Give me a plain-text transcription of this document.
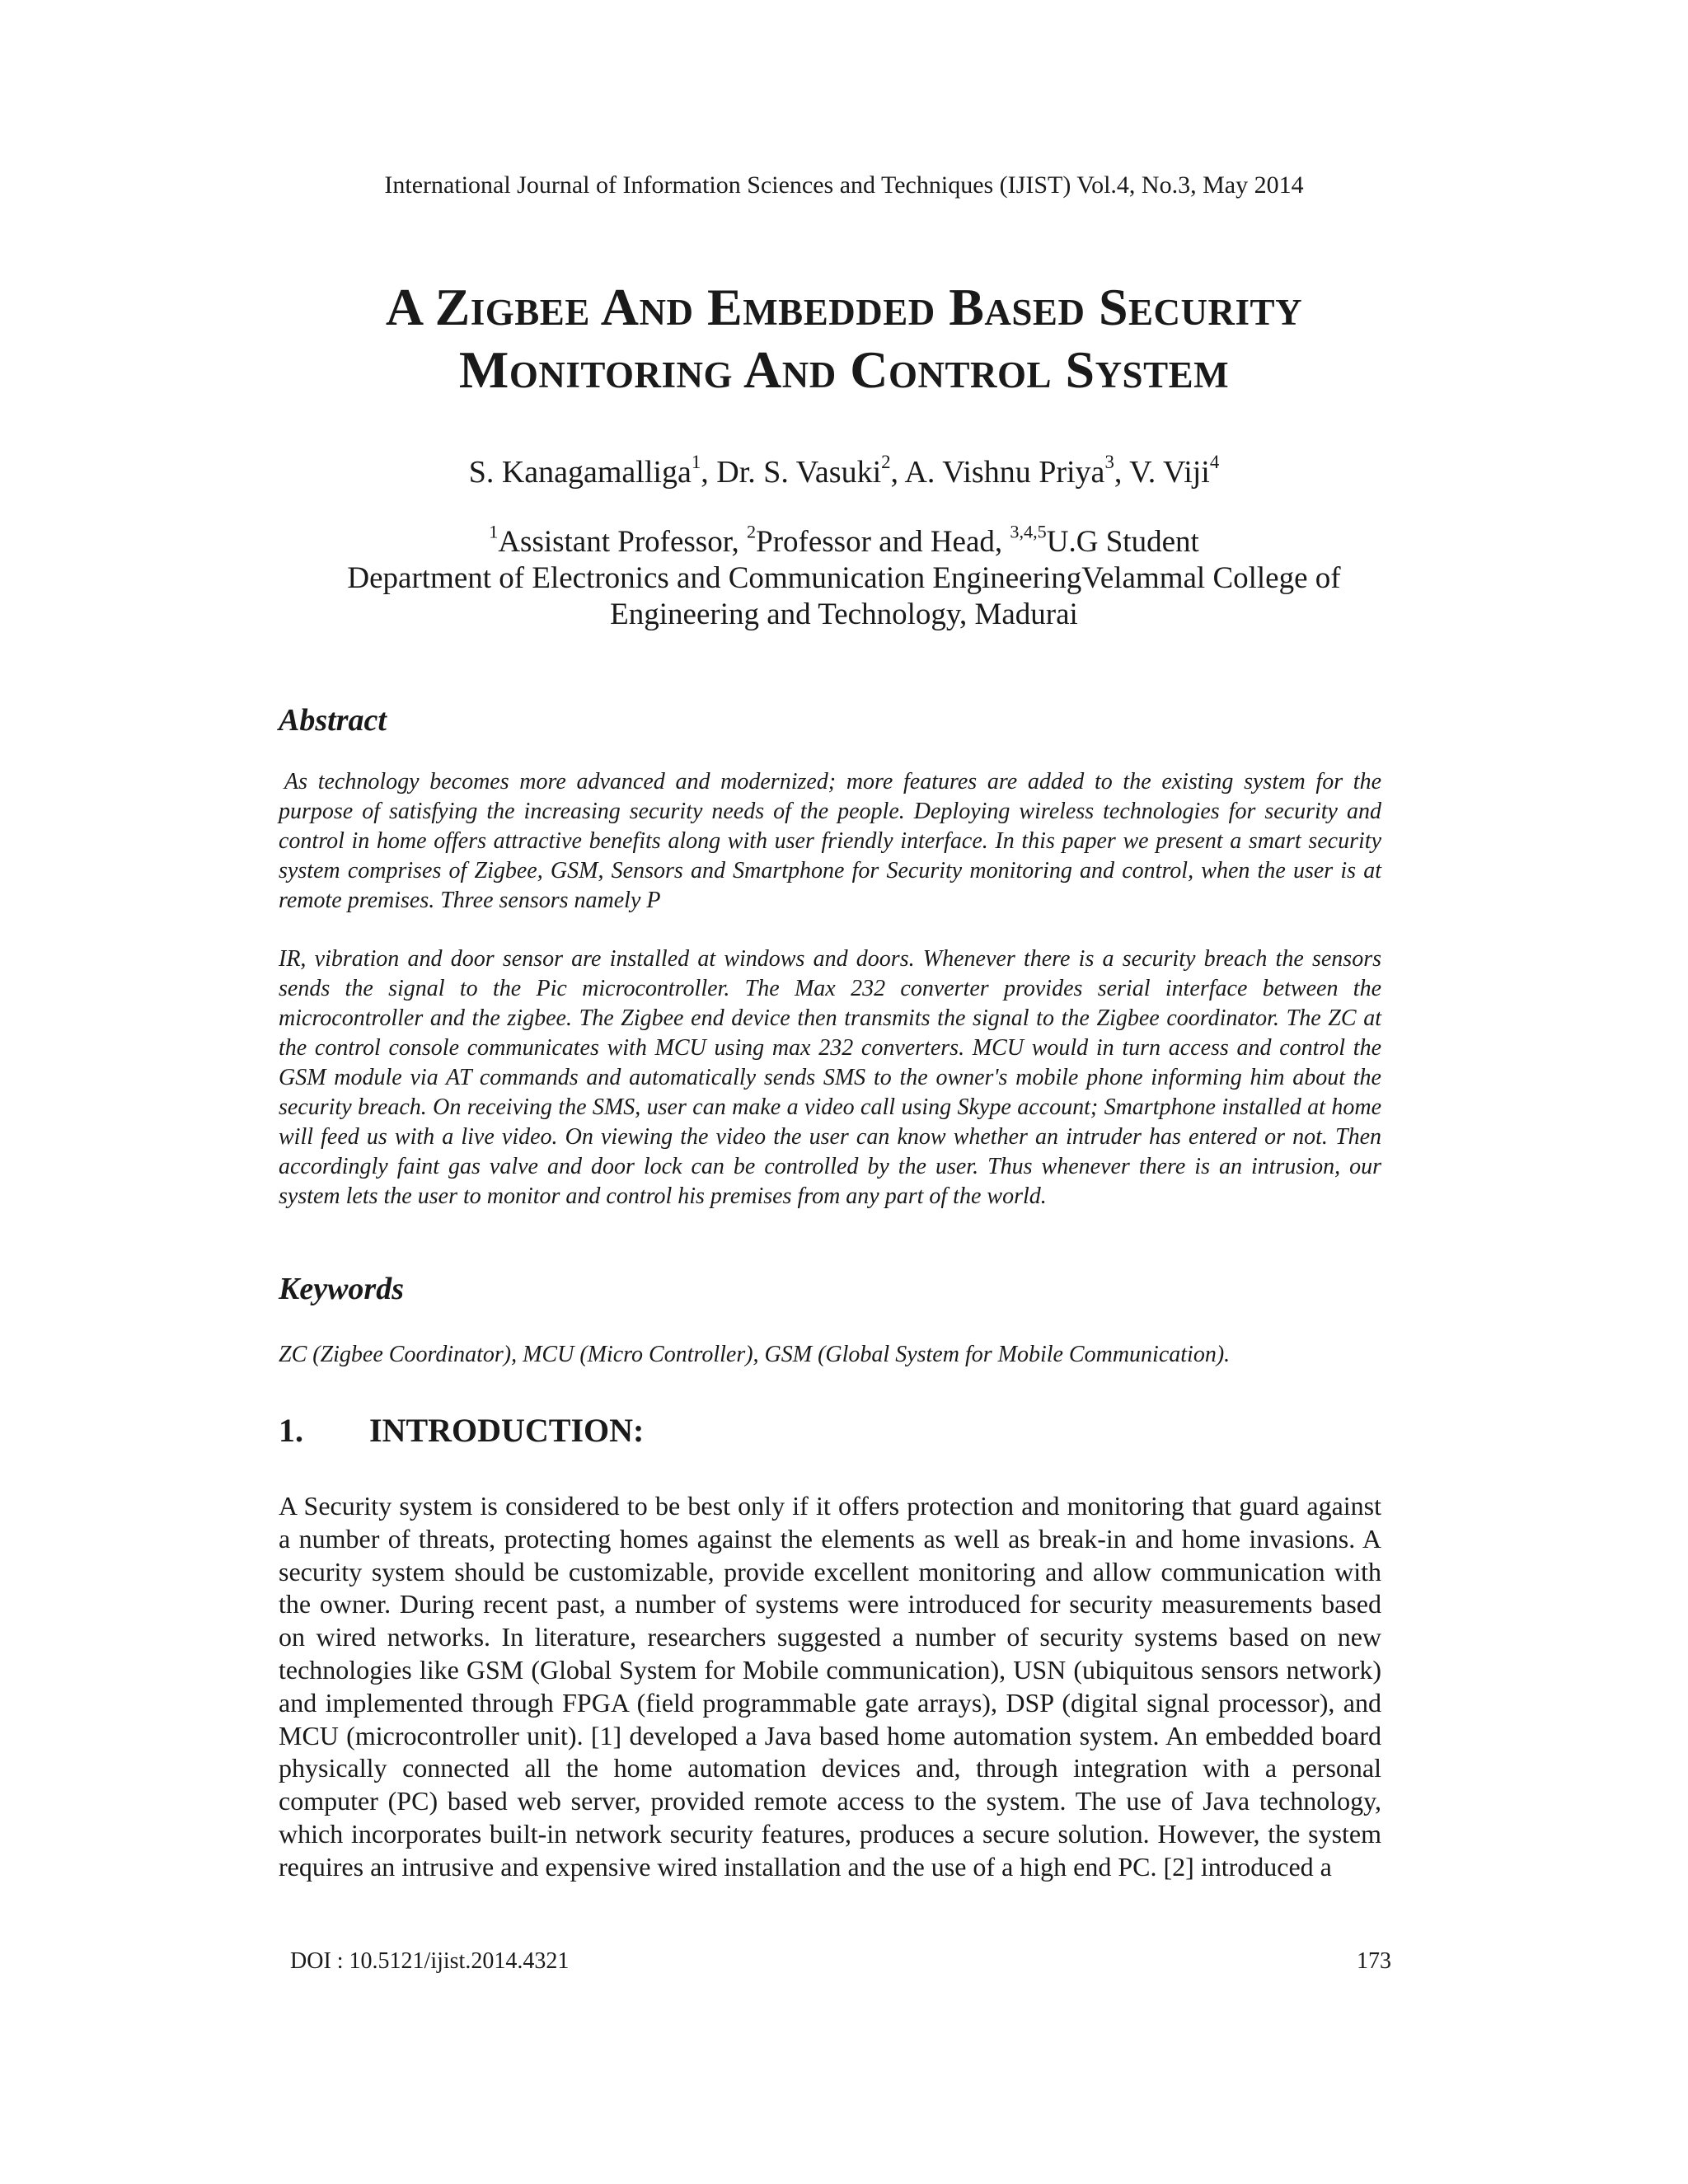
International Journal of Information Sciences and Techniques (IJIST) Vol.4, No.3, May 2014
A Zigbee And Embedded Based Security
Monitoring And Control System
S. Kanagamalliga$^1$, Dr. S. Vasuki$^2$, A. Vishnu Priya$^3$, V. Viji$^4$
$^1$Assistant Professor, $^2$Professor and Head, $^{3,4,5}$U.G Student
Department of Electronics and Communication EngineeringVelammal College of Engineering and Technology, Madurai
Abstract

As technology becomes more advanced and modernized; more features are added to the existing system for the purpose of satisfying the increasing security needs of the people. Deploying wireless technologies for security and control in home offers attractive benefits along with user friendly interface. In this paper we present a smart security system comprises of Zigbee, GSM, Sensors and Smartphone for Security monitoring and control, when the user is at remote premises. Three sensors namely P

IR, vibration and door sensor are installed at windows and doors. Whenever there is a security breach the sensors sends the signal to the Pic microcontroller. The Max 232 converter provides serial interface between the microcontroller and the zigbee. The Zigbee end device then transmits the signal to the Zigbee coordinator. The ZC at the control console communicates with MCU using max 232 converters. MCU would in turn access and control the GSM module via AT commands and automatically sends SMS to the owner's mobile phone informing him about the security breach. On receiving the SMS, user can make a video call using Skype account; Smartphone installed at home will feed us with a live video. On viewing the video the user can know whether an intruder has entered or not. Then accordingly faint gas valve and door lock can be controlled by the user. Thus whenever there is an intrusion, our system lets the user to monitor and control his premises from any part of the world.

Keywords

ZC (Zigbee Coordinator), MCU (Micro Controller), GSM (Global System for Mobile Communication).

1. INTRODUCTION:

A Security system is considered to be best only if it offers protection and monitoring that guard against a number of threats, protecting homes against the elements as well as break-in and home invasions. A security system should be customizable, provide excellent monitoring and allow communication with the owner. During recent past, a number of systems were introduced for security measurements based on wired networks. In literature, researchers suggested a number of security systems based on new technologies like GSM (Global System for Mobile communication), USN (ubiquitous sensors network) and implemented through FPGA (field programmable gate arrays), DSP (digital signal processor), and MCU (microcontroller unit). [1] developed a Java based home automation system. An embedded board physically connected all the home automation devices and, through integration with a personal computer (PC) based web server, provided remote access to the system. The use of Java technology, which incorporates built-in network security features, produces a secure solution. However, the system requires an intrusive and expensive wired installation and the use of a high end PC. [2] introduced a

DOI : 10.5121/ijist.2014.4321	173
